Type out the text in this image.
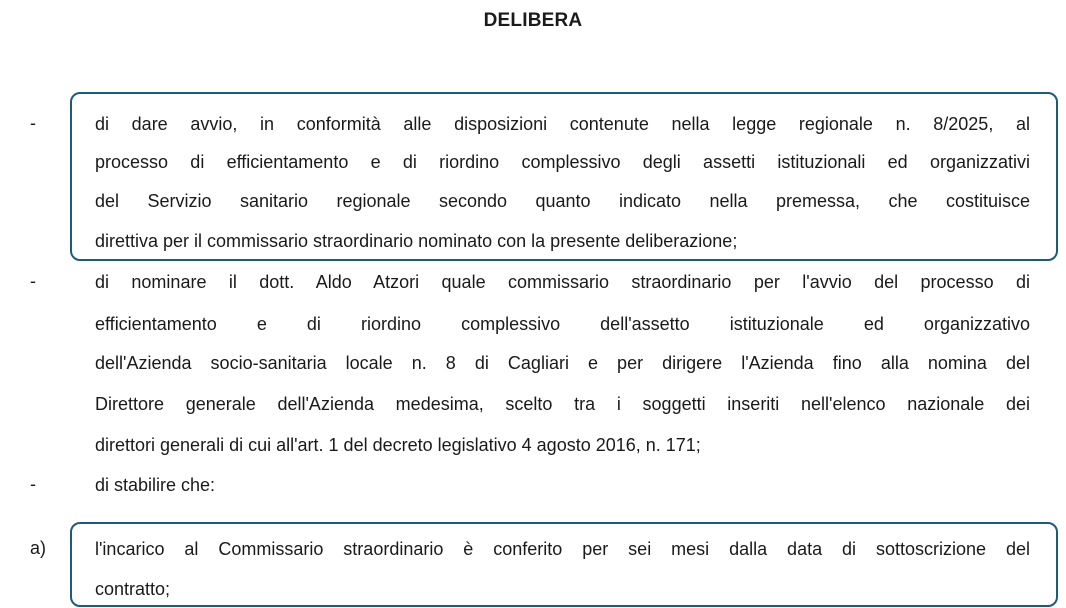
DELIBERA
-	di dare avvio, in conformità alle disposizioni contenute nella legge regionale n. 8/2025, al
processo di efficientamento e di riordino complessivo degli assetti istituzionali ed organizzativi
del Servizio sanitario regionale secondo quanto indicato nella premessa, che costituisce
direttiva per il commissario straordinario nominato con la presente deliberazione;
-	di nominare il dott. Aldo Atzori quale commissario straordinario per l'avvio del processo di
efficientamento e di riordino complessivo dell'assetto istituzionale ed organizzativo
dell'Azienda socio-sanitaria locale n. 8 di Cagliari e per dirigere l'Azienda fino alla nomina del
Direttore generale dell'Azienda medesima, scelto tra i soggetti inseriti nell'elenco nazionale dei
direttori generali di cui all'art. 1 del decreto legislativo 4 agosto 2016, n. 171;
-	di stabilire che:
a)	l'incarico al Commissario straordinario è conferito per sei mesi dalla data di sottoscrizione del
contratto;
